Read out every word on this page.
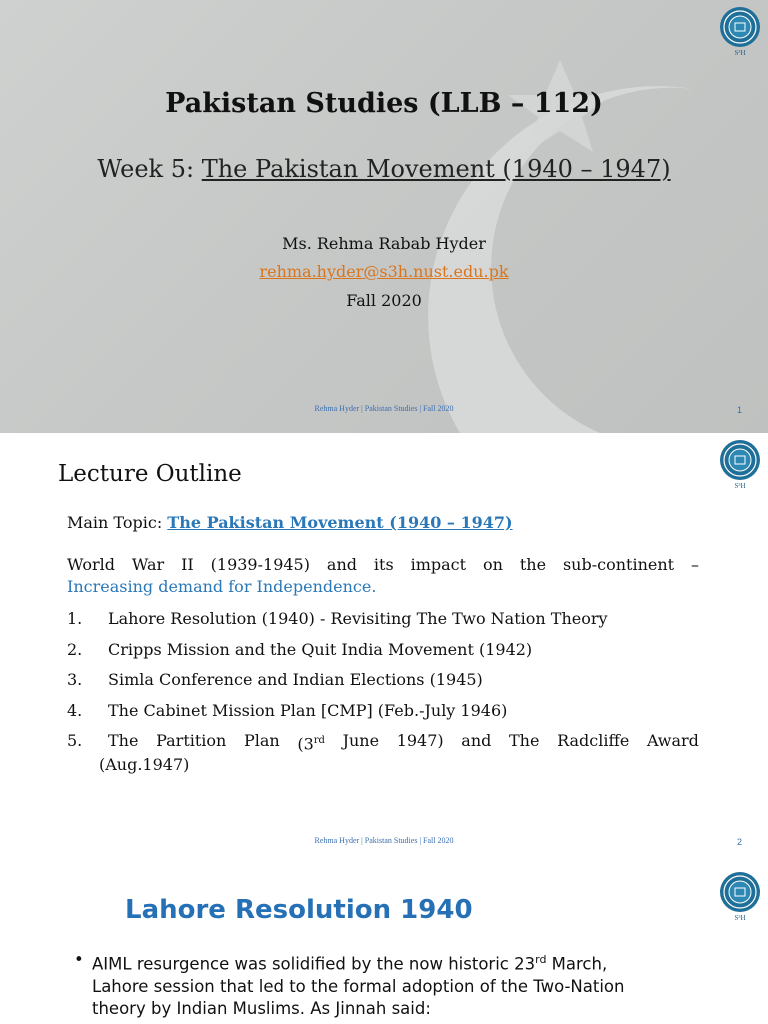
S³H
Pakistan Studies (LLB – 112)
Week 5: The Pakistan Movement (1940 – 1947)
Ms. Rehma Rabab Hyder
rehma.hyder@s3h.nust.edu.pk
Fall 2020
Rehma Hyder | Pakistan Studies | Fall 2020	1
S³H
Lecture Outline
Main Topic: The Pakistan Movement (1940 – 1947)
World War II (1939-1945) and its impact on the sub-continent –
Increasing demand for Independence.
1.	Lahore Resolution (1940) - Revisiting The Two Nation Theory
2.	Cripps Mission and the Quit India Movement (1942)
3.	Simla Conference and Indian Elections (1945)
4.	The Cabinet Mission Plan [CMP] (Feb.-July 1946)
5.	The Partition Plan (3rd June 1947) and The Radcliffe Award
(Aug.1947)
Rehma Hyder | Pakistan Studies | Fall 2020	2
S³H
Lahore Resolution 1940
• AIML resurgence was solidified by the now historic 23rd March,
Lahore session that led to the formal adoption of the Two-Nation
theory by Indian Muslims. As Jinnah said:
